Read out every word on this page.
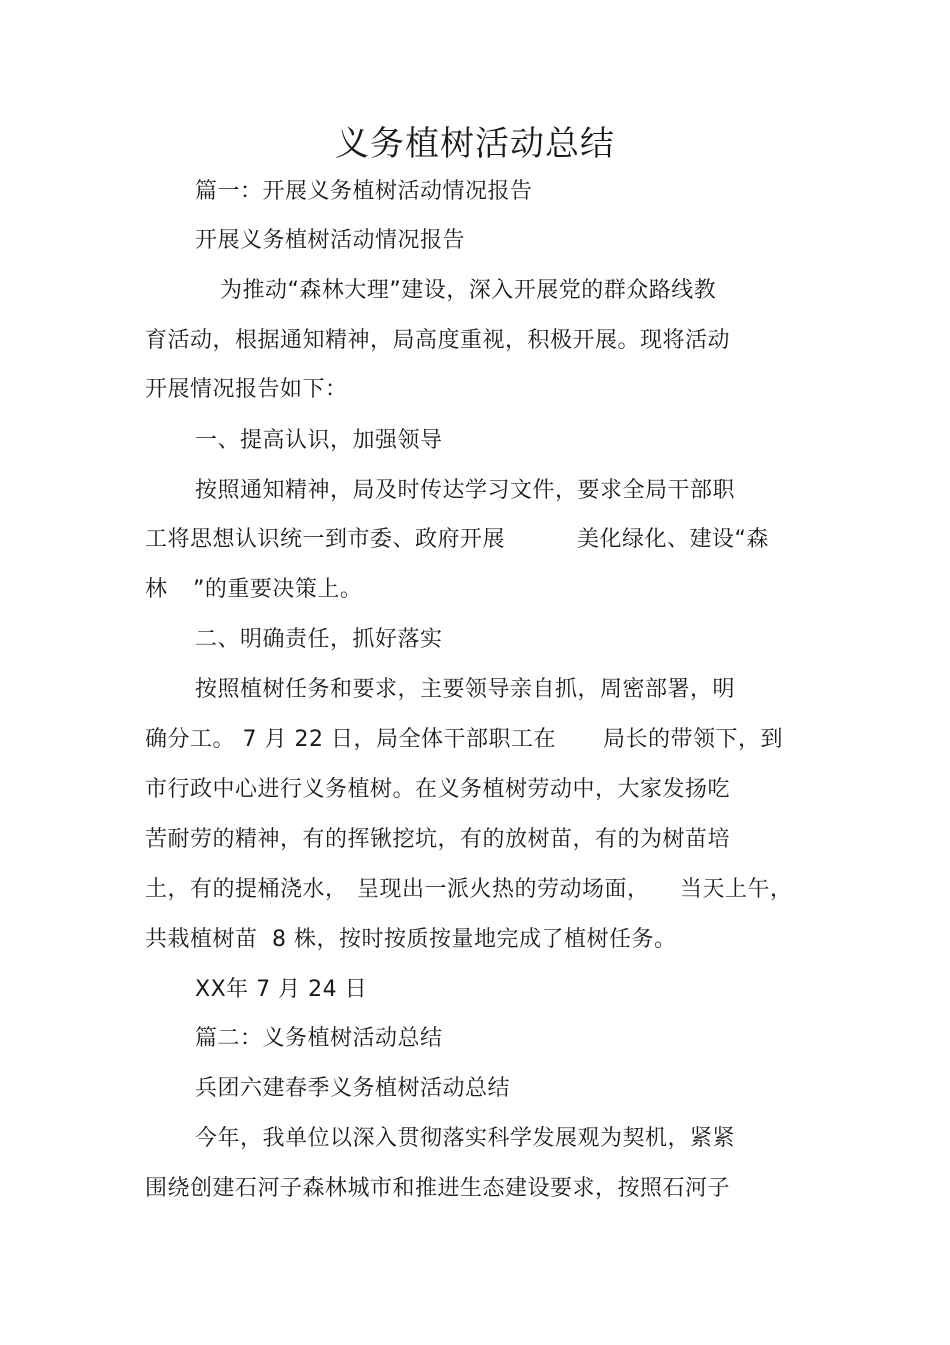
义务植树活动总结
篇一：开展义务植树活动情况报告
开展义务植树活动情况报告
为推动“森林大理”建设，深入开展党的群众路线教
育活动，根据通知精神，局高度重视，积极开展。现将活动
开展情况报告如下：
一、提高认识，加强领导
按照通知精神，局及时传达学习文件，要求全局干部职
工将思想认识统一到市委、政府开展	美化绿化、建设“森
林 ”的重要决策上。
二、明确责任，抓好落实
按照植树任务和要求，主要领导亲自抓，周密部署，明
确分工。 7 月 22 日，局全体干部职工在 局长的带领下，到
市行政中心进行义务植树。在义务植树劳动中，大家发扬吃
苦耐劳的精神，有的挥锹挖坑，有的放树苗，有的为树苗培
土，有的提桶浇水， 呈现出一派火热的劳动场面， 当天上午，
共栽植树苗 8 株，按时按质按量地完成了植树任务。
XX年 7 月 24 日
篇二：义务植树活动总结
兵团六建春季义务植树活动总结
今年，我单位以深入贯彻落实科学发展观为契机，紧紧
围绕创建石河子森林城市和推进生态建设要求，按照石河子
